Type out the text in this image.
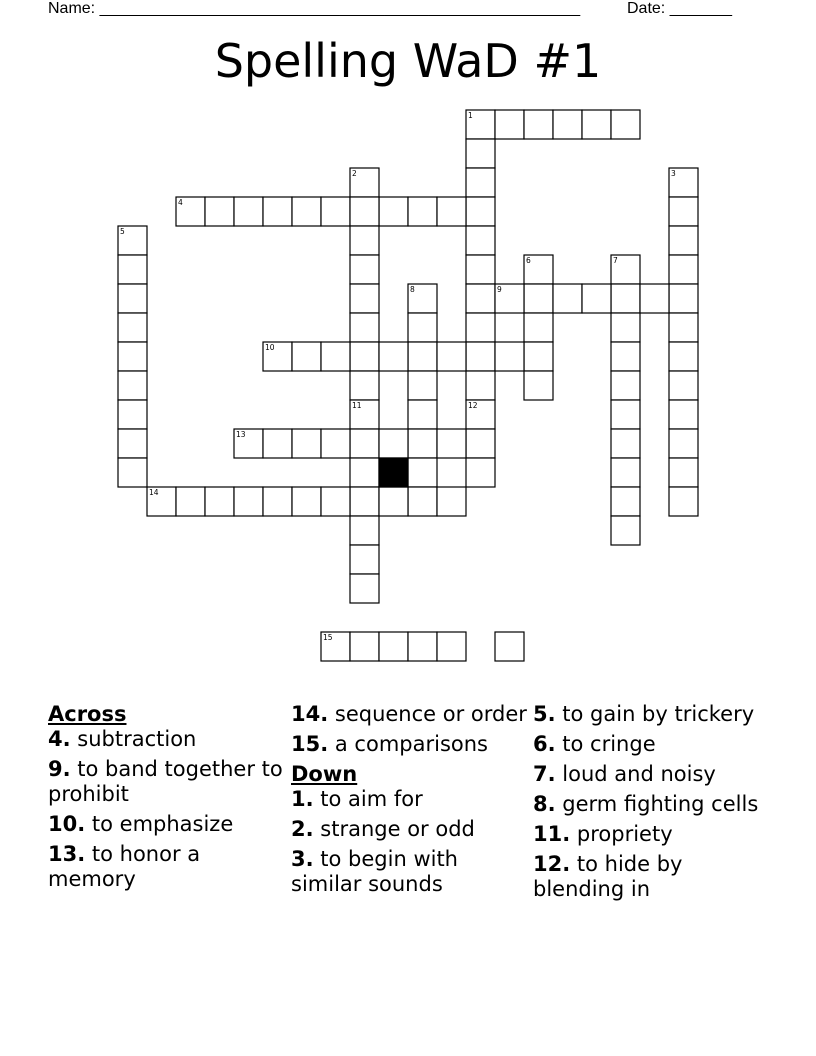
Name: ______________________________________________________	Date: _______
Spelling WaD #1
1
2	3
4
5
6	7
8	9
10
11	12
13
14
15

Across

4. subtraction

9. to band together to prohibit

10. to emphasize

13. to honor a memory

14. sequence or order

15. a comparisons

Down

1. to aim for

2. strange or odd

3. to begin with similar sounds

5. to gain by trickery

6. to cringe

7. loud and noisy

8. germ fighting cells

11. propriety

12. to hide by blending in
